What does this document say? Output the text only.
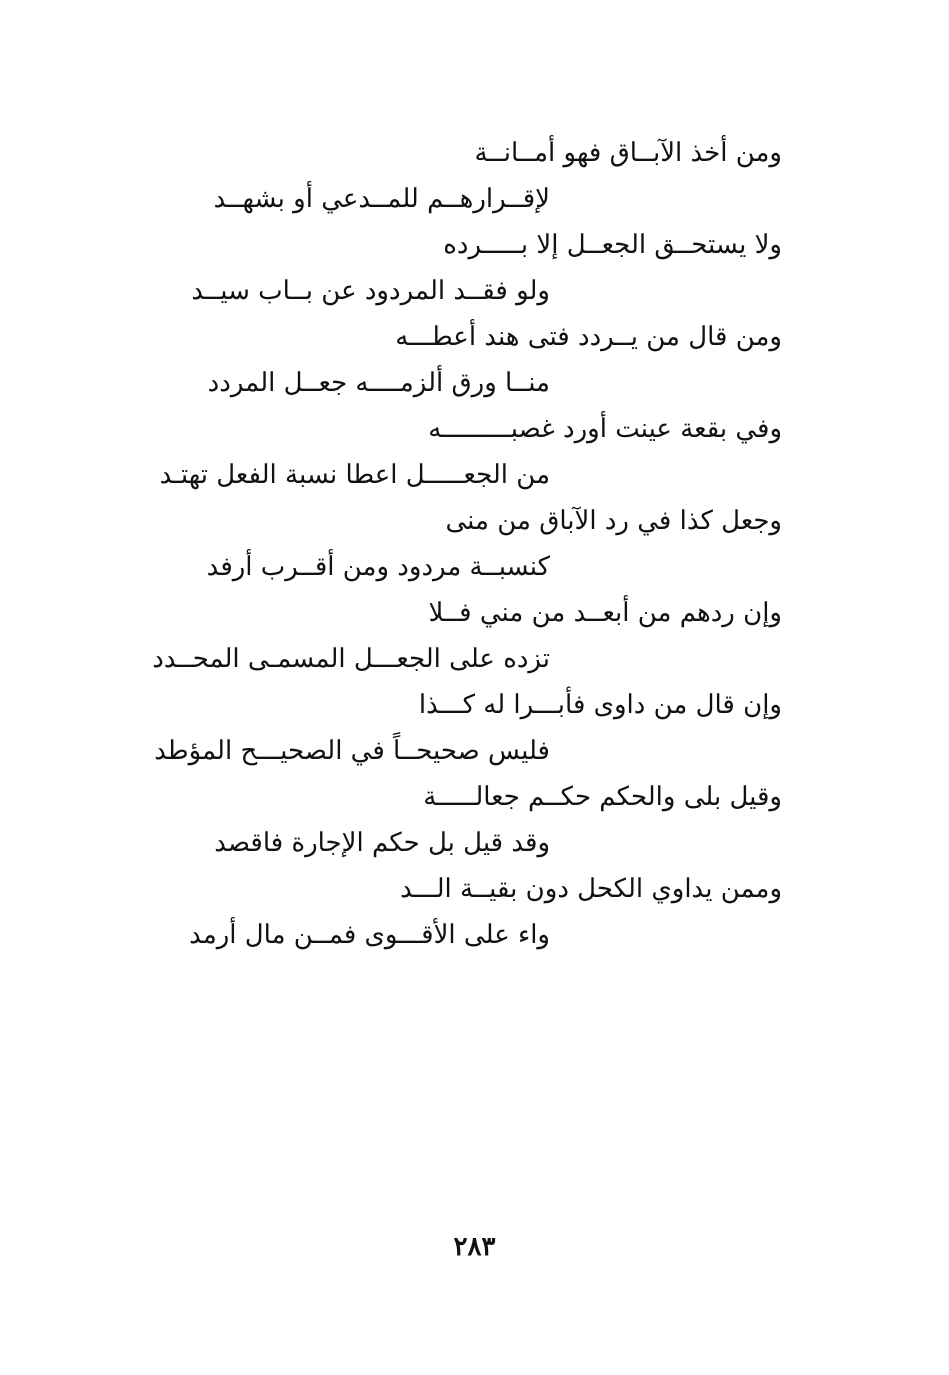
ومن أخذ الآبــاق فهو أمــانــة
لإقــرارهــم للمــدعي أو بشهــد
ولا يستحــق الجعــل إلا بـــــرده
ولو فقــد المردود عن بــاب سيــد
ومن قال من يــردد فتى هند أعطـــه
منــا ورق ألزمــــه جعــل المردد
وفي بقعة عينت أورد غصبـــــــــه
من الجعـــــل اعطا نسبة الفعل تهتـد
وجعل كذا في رد الآباق من منى
كنسبــة مردود ومن أقــرب أرفد
وإن ردهم من أبعــد من مني فــلا
تزده على الجعـــل المسمـى المحــدد
وإن قال من داوى فأبـــرا له كـــذا
فليس صحيحــاً في الصحيـــح المؤطد
وقيل بلى والحكم حكــم جعالـــــة
وقد قيل بل حكم الإجارة فاقصد
وممن يداوي الكحل دون بقيــة الـــد
واء على الأقـــوى فمــن مال أرمد
٢٨٣
